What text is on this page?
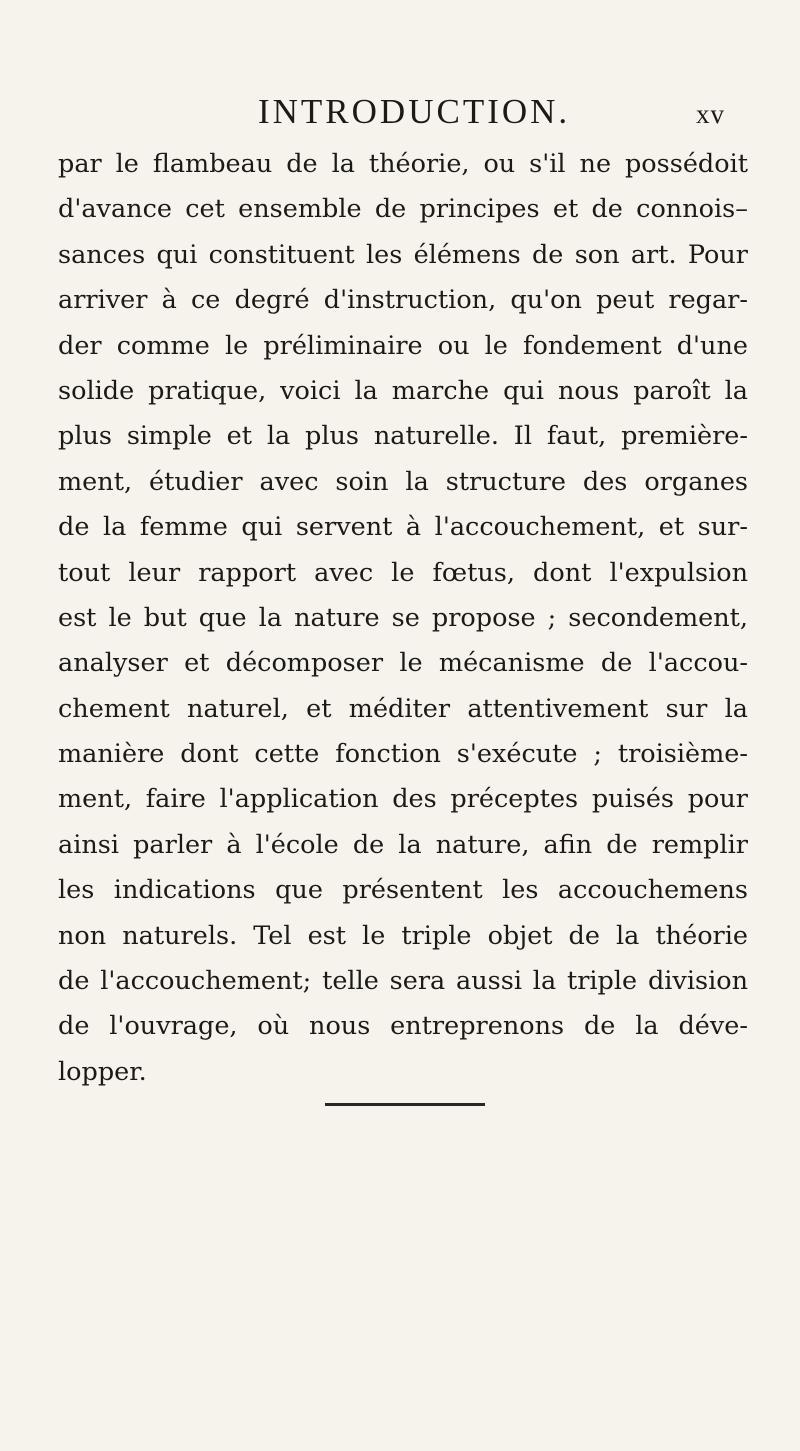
INTRODUCTION.	xv
par le flambeau de la théorie, ou s'il ne possédoit
d'avance cet ensemble de principes et de connois–
sances qui constituent les élémens de son art. Pour
arriver à ce degré d'instruction, qu'on peut regar-
der comme le préliminaire ou le fondement d'une
solide pratique, voici la marche qui nous paroît la
plus simple et la plus naturelle. Il faut, première-
ment, étudier avec soin la structure des organes
de la femme qui servent à l'accouchement, et sur-
tout leur rapport avec le fœtus, dont l'expulsion
est le but que la nature se propose ; secondement,
analyser et décomposer le mécanisme de l'accou-
chement naturel, et méditer attentivement sur la
manière dont cette fonction s'exécute ; troisième-
ment, faire l'application des préceptes puisés pour
ainsi parler à l'école de la nature, afin de remplir
les indications que présentent les accouchemens
non naturels. Tel est le triple objet de la théorie
de l'accouchement; telle sera aussi la triple division
de l'ouvrage, où nous entreprenons de la déve-
lopper.
